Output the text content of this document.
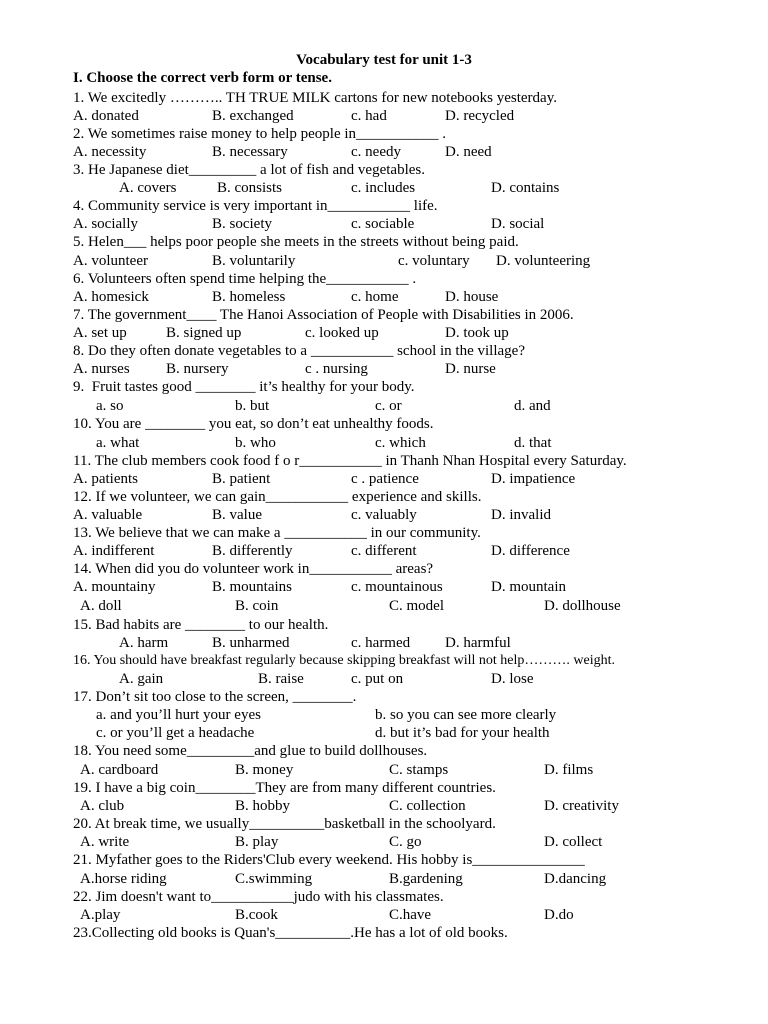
Vocabulary test for unit 1-3
I. Choose the correct verb form or tense.
1. We excitedly ……….. TH TRUE MILK cartons for new notebooks yesterday.
A. donated	B. exchanged	c. had	D. recycled
2. We sometimes raise money to help people in___________ .
A. necessity	B. necessary	c. needy	D. need
3. He Japanese diet_________ a lot of fish and vegetables.
A. covers	B. consists	c. includes	D. contains
4. Community service is very important in___________ life.
A. socially	B. society	c. sociable	D. social
5. Helen___ helps poor people she meets in the streets without being paid.
A. volunteer	B. voluntarily	c. voluntary D. volunteering
6. Volunteers often spend time helping the___________ .
A. homesick	B. homeless	c. home	D. house
7. The government____ The Hanoi Association of People with Disabilities in 2006.
A. set up	B. signed up	c. looked up	D. took up
8. Do they often donate vegetables to a ___________ school in the village?
A. nurses B. nursery	c . nursing	D. nurse
9.  Fruit tastes good ________ it’s healthy for your body.
a. so	b. but	c. or	d. and
10. You are ________ you eat, so don’t eat unhealthy foods.
a. what	b. who	c. which	d. that
11. The club members cook food f o r___________ in Thanh Nhan Hospital every Saturday.
A. patients	B. patient	c . patience	D. impatience
12. If we volunteer, we can gain___________ experience and skills.
A. valuable	B. value	c. valuably	D. invalid
13. We believe that we can make a ___________ in our community.
A. indifferent	B. differently	c. different	D. difference
14. When did you do volunteer work in___________ areas?
A. mountainy	B. mountains	c. mountainous	D. mountain
A. doll	B. coin	C. model	D. dollhouse
15. Bad habits are ________ to our health.
A. harm	B. unharmed	c. harmed D. harmful
16. You should have breakfast regularly because skipping breakfast will not help………. weight.
A. gain	B. raise	c. put on	D. lose
17. Don’t sit too close to the screen, ________.
a. and you’ll hurt your eyes	b. so you can see more clearly
c. or you’ll get a headache	d. but it’s bad for your health
18. You need some_________and glue to build dollhouses.
A. cardboard	B. money	C. stamps	D. films
19. I have a big coin________They are from many different countries.
A. club	B. hobby	C. collection	D. creativity
20. At break time, we usually__________basketball in the schoolyard.
A. write	B. play	C. go	D. collect
21. Myfather goes to the Riders'Club every weekend. His hobby is_______________
A.horse riding	C.swimming	B.gardening	D.dancing
22. Jim doesn't want to___________judo with his classmates.
A.play	B.cook	C.have	D.do
23.Collecting old books is Quan's__________.He has a lot of old books.
